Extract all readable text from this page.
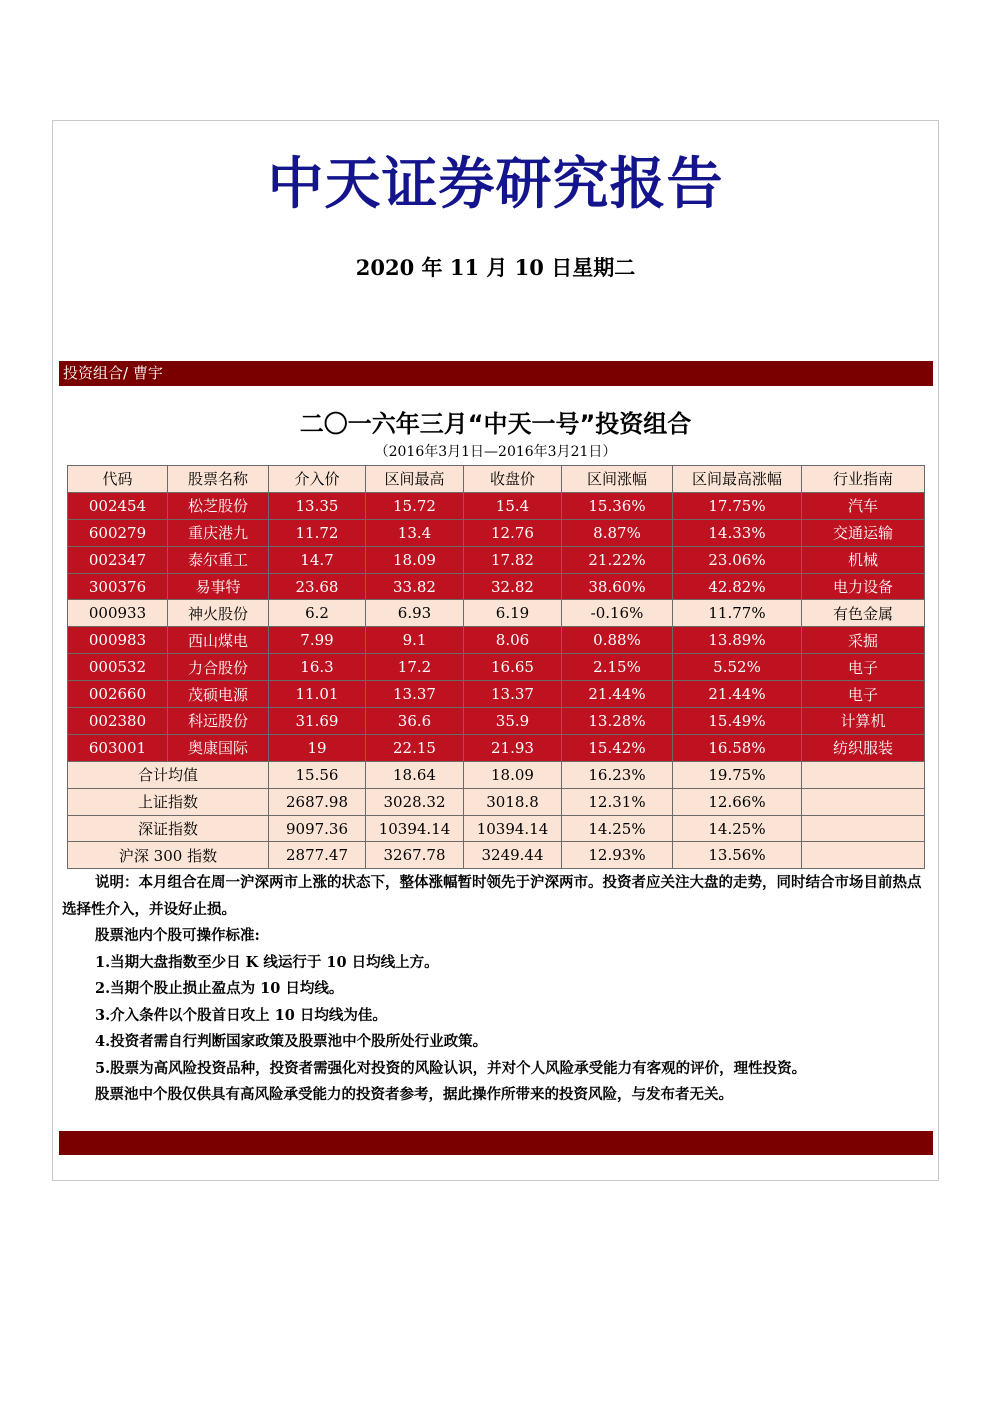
中天证券研究报告
2020 年 11 月 10 日星期二
投资组合/ 曹宇
二〇一六年三月“中天一号”投资组合
（2016年3月1日—2016年3月21日）
代码	股票名称	介入价	区间最高	收盘价	区间涨幅	区间最高涨幅	行业指南
002454	松芝股份	13.35	15.72	15.4	15.36%	17.75%	汽车
600279	重庆港九	11.72	13.4	12.76	8.87%	14.33%	交通运输
002347	泰尔重工	14.7	18.09	17.82	21.22%	23.06%	机械
300376	易事特	23.68	33.82	32.82	38.60%	42.82%	电力设备
000933	神火股份	6.2	6.93	6.19	-0.16%	11.77%	有色金属
000983	西山煤电	7.99	9.1	8.06	0.88%	13.89%	采掘
000532	力合股份	16.3	17.2	16.65	2.15%	5.52%	电子
002660	茂硕电源	11.01	13.37	13.37	21.44%	21.44%	电子
002380	科远股份	31.69	36.6	35.9	13.28%	15.49%	计算机
603001	奥康国际	19	22.15	21.93	15.42%	16.58%	纺织服装
合计均值		15.56	18.64	18.09	16.23%	19.75%	
上证指数		2687.98	3028.32	3018.8	12.31%	12.66%	
深证指数		9097.36	10394.14	10394.14	14.25%	14.25%	
沪深 300 指数		2877.47	3267.78	3249.44	12.93%	13.56%	

说明：本月组合在周一沪深两市上涨的状态下，整体涨幅暂时领先于沪深两市。投资者应关注大盘的走势，同时结合市场目前热点选择性介入，并设好止损。

股票池内个股可操作标准:

1.当期大盘指数至少日 K 线运行于 10 日均线上方。

2.当期个股止损止盈点为 10 日均线。

3.介入条件以个股首日攻上 10 日均线为佳。

4.投资者需自行判断国家政策及股票池中个股所处行业政策。

5.股票为高风险投资品种，投资者需强化对投资的风险认识，并对个人风险承受能力有客观的评价，理性投资。

股票池中个股仅供具有高风险承受能力的投资者参考，据此操作所带来的投资风险，与发布者无关。
